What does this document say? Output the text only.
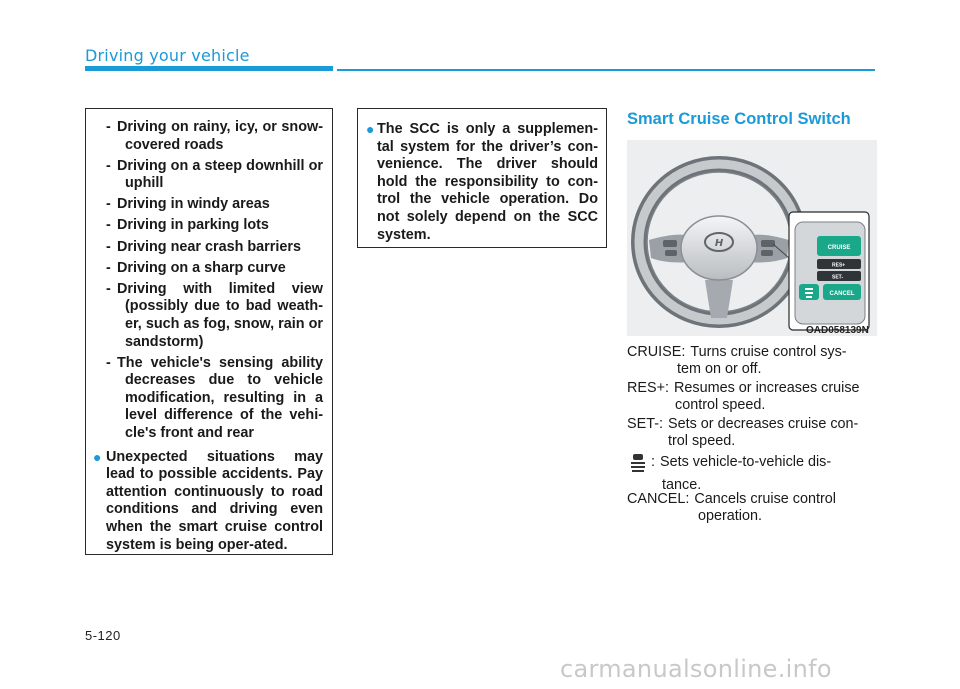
Driving your vehicle
- Driving on rainy, icy, or snow-covered roads
- Driving on a steep downhill or uphill
- Driving in windy areas
- Driving in parking lots
- Driving near crash barriers
- Driving on a sharp curve
- Driving with limited view (possibly due to bad weath-er, such as fog, snow, rain or sandstorm)
- The vehicle's sensing ability decreases due to vehicle modification, resulting in a level difference of the vehi-cle's front and rear
● Unexpected situations may lead to possible accidents. Pay attention continuously to road conditions and driving even when the smart cruise control system is being oper-ated.
● The SCC is only a supplemen-tal system for the driver’s con-venience. The driver should hold the responsibility to con-trol the vehicle operation. Do not solely depend on the SCC system.
Smart Cruise Control Switch
H	CRUISE
RES+
SET-
CANCEL
OAD058139N
CRUISE: Turns cruise control sys-
tem on or off.
RES+: Resumes or increases cruise
control speed.
SET-: Sets or decreases cruise con-
trol speed.
: Sets vehicle-to-vehicle dis-
tance.
CANCEL: Cancels cruise control
operation.
5-120
carmanualsonline.info
